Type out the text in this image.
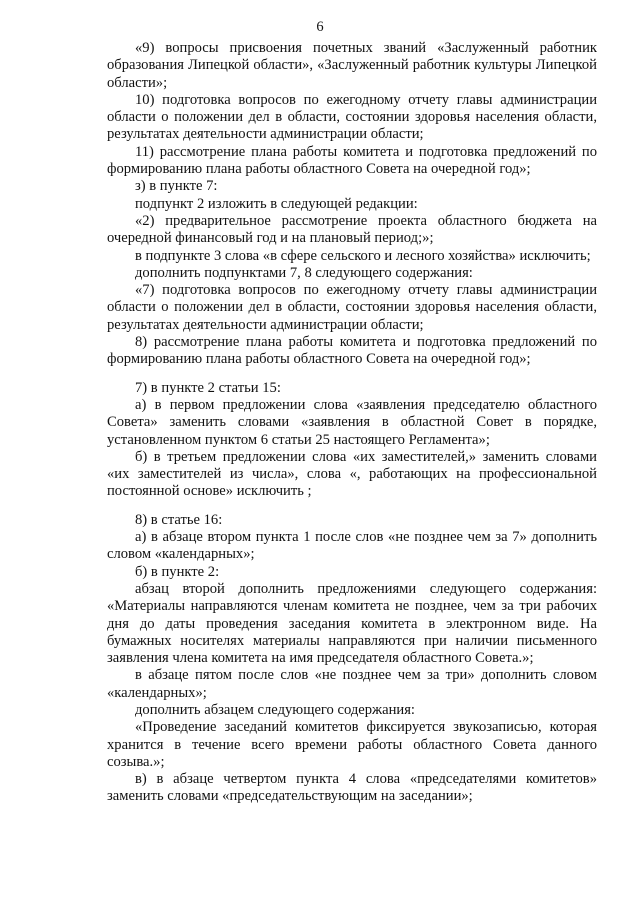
6

«9) вопросы присвоения почетных званий «Заслуженный работник образования Липецкой области», «Заслуженный работник культуры Липецкой области»;

10) подготовка вопросов по ежегодному отчету главы администрации области о положении дел в области, состоянии здоровья населения области, результатах деятельности администрации области;

11) рассмотрение плана работы комитета и подготовка предложений по формированию плана работы областного Совета на очередной год»;

з) в пункте 7:

подпункт 2 изложить в следующей редакции:

«2) предварительное рассмотрение проекта областного бюджета на очередной финансовый год и на плановый период;»;

в подпункте 3 слова «в сфере сельского и лесного хозяйства» исключить;

дополнить подпунктами 7, 8 следующего содержания:

«7) подготовка вопросов по ежегодному отчету главы администрации области о положении дел в области, состоянии здоровья населения области, результатах деятельности администрации области;

8) рассмотрение плана работы комитета и подготовка предложений по формированию плана работы областного Совета на очередной год»;

7) в пункте 2 статьи 15:

а) в первом предложении слова «заявления председателю областного Совета» заменить словами «заявления в областной Совет в порядке, установленном пунктом 6 статьи 25 настоящего Регламента»;

б) в третьем предложении слова «их заместителей,» заменить словами «их заместителей из числа», слова «, работающих на профессиональной постоянной основе» исключить ;

8) в статье 16:

а) в абзаце втором пункта 1 после слов «не позднее чем за 7» дополнить словом «календарных»;

б) в пункте 2:

абзац второй дополнить предложениями следующего содержания: «Материалы направляются членам комитета не позднее, чем за три рабочих дня до даты проведения заседания комитета в электронном виде. На бумажных носителях материалы направляются при наличии письменного заявления члена комитета на имя председателя областного Совета.»;

в абзаце пятом после слов «не позднее чем за три» дополнить словом «календарных»;

дополнить абзацем следующего содержания:

«Проведение заседаний комитетов фиксируется звукозаписью, которая хранится в течение всего времени работы областного Совета данного созыва.»;

в) в абзаце четвертом пункта 4 слова «председателями комитетов» заменить словами «председательствующим на заседании»;
